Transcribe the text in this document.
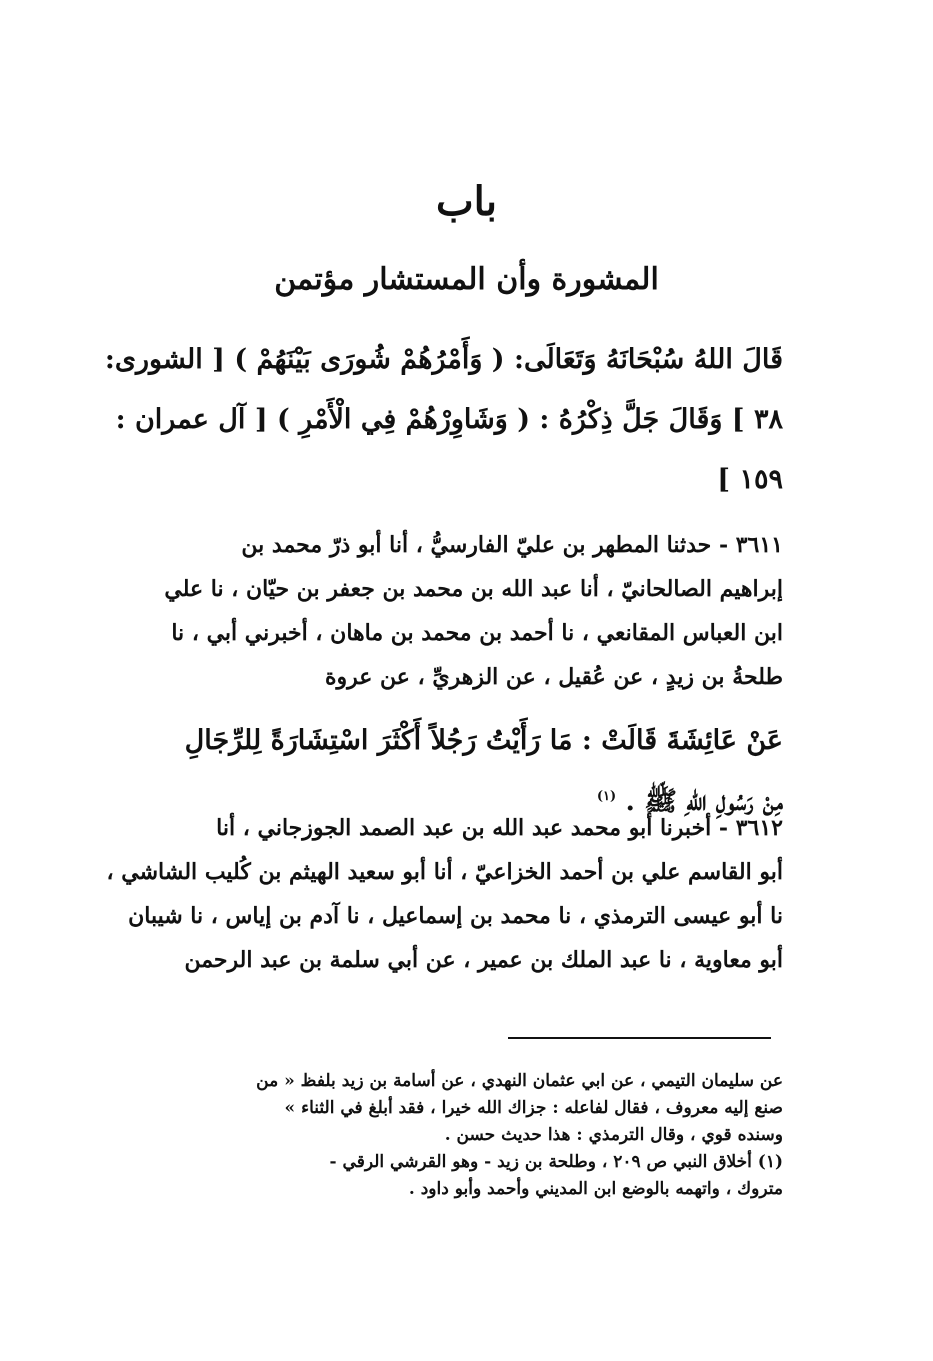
باب
المشورة وأن المستشار مؤتمن
قَالَ اللهُ سُبْحَانَهُ وَتَعَالَى: ( وَأَمْرُهُمْ شُورَى بَيْنَهُمْ ) [ الشورى:
٣٨ ] وَقَالَ جَلَّ ذِكْرُهُ : ( وَشَاوِرْهُمْ فِي الْأَمْرِ ) [ آل عمران :
١٥٩ ]
٣٦١١ - حدثنا المطهر بن عليّ الفارسيُّ ، أنا أبو ذرّ محمد بن
إبراهيم الصالحانيّ ، أنا عبد الله بن محمد بن جعفر بن حيّان ، نا علي
ابن العباس المقانعي ، نا أحمد بن محمد بن ماهان ، أخبرني أبي ، نا
طلحةُ بن زيدٍ ، عن عُقيل ، عن الزهريِّ ، عن عروة
عَنْ عَائِشَةَ قَالَتْ : مَا رَأَيْتُ رَجُلاً أَكْثَرَ اسْتِشَارَةً لِلرِّجَالِ
مِنْ رَسُولِ اللهِ ﷺ . $^{(١)}$
٣٦١٢ - أخبرنا أبو محمد عبد الله بن عبد الصمد الجوزجاني ، أنا
أبو القاسم علي بن أحمد الخزاعيّ ، أنا أبو سعيد الهيثم بن كُليب الشاشي ،
نا أبو عيسى الترمذي ، نا محمد بن إسماعيل ، نا آدم بن إياس ، نا شيبان
أبو معاوية ، نا عبد الملك بن عمير ، عن أبي سلمة بن عبد الرحمن
عن سليمان التيمي ، عن ابي عثمان النهدي ، عن أسامة بن زيد بلفظ « من
صنع إليه معروف ، فقال لفاعله : جزاك الله خيرا ، فقد أبلغ في الثناء »
وسنده قوي ، وقال الترمذي : هذا حديث حسن .
(١) أخلاق النبي ص ٢٠٩ ، وطلحة بن زيد - وهو القرشي الرقي -
متروك ، واتهمه بالوضع ابن المديني وأحمد وأبو داود .
